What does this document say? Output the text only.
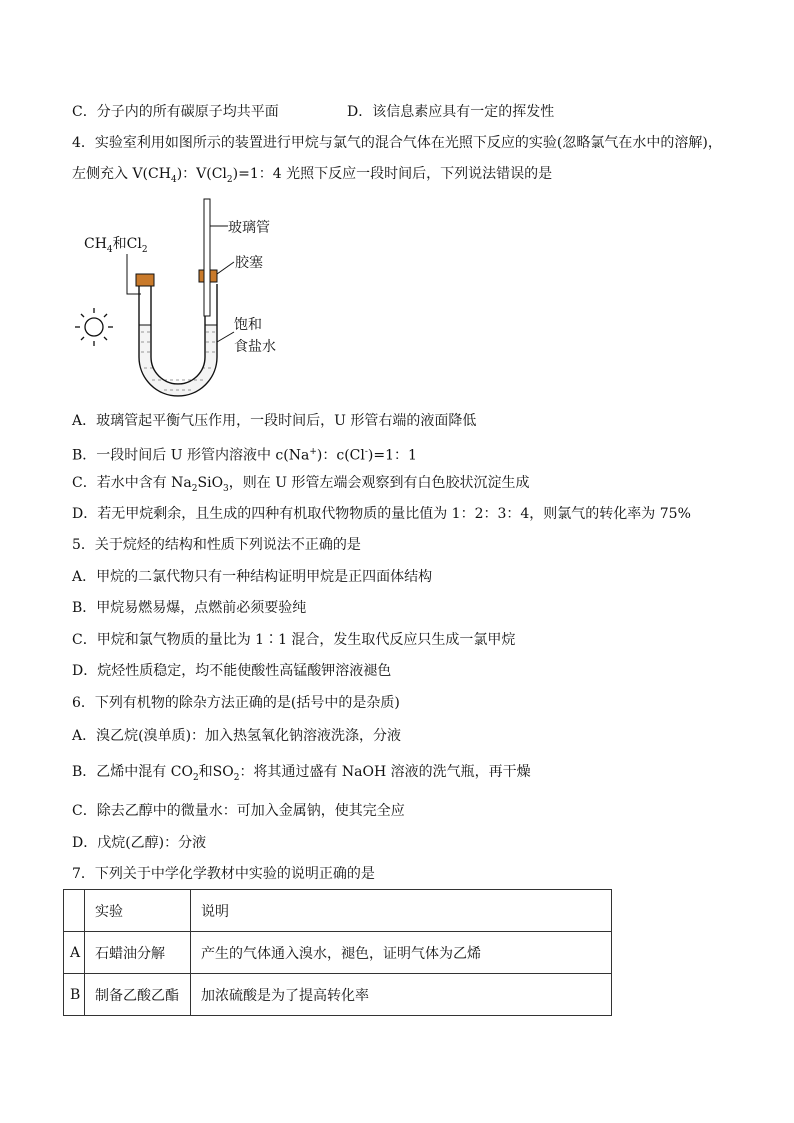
C．分子内的所有碳原子均共平面	D．该信息素应具有一定的挥发性
4．实验室利用如图所示的装置进行甲烷与氯气的混合气体在光照下反应的实验(忽略氯气在水中的溶解)，
左侧充入 $V(CH_4)$：$V(Cl_2)=1$：4 光照下反应一段时间后，下列说法错误的是
$CH_4$和$Cl_2$
玻璃管
胶塞
饱和
食盐水
A．玻璃管起平衡气压作用，一段时间后，U 形管右端的液面降低
B．一段时间后 U 形管内溶液中 c(Na+)：c(Cl-)=1：1
C．若水中含有 $Na_2SiO_3$，则在 U 形管左端会观察到有白色胶状沉淀生成
D．若无甲烷剩余，且生成的四种有机取代物物质的量比值为 1：2：3：4，则氯气的转化率为 75%
5．关于烷烃的结构和性质下列说法不正确的是
A．甲烷的二氯代物只有一种结构证明甲烷是正四面体结构
B．甲烷易燃易爆，点燃前必须要验纯
C．甲烷和氯气物质的量比为 1∶1 混合，发生取代反应只生成一氯甲烷
D．烷烃性质稳定，均不能使酸性高锰酸钾溶液褪色
6．下列有机物的除杂方法正确的是(括号中的是杂质)
A．溴乙烷(溴单质)：加入热氢氧化钠溶液洗涤，分液
B．乙烯中混有 $CO_2$和$SO_2$：将其通过盛有 NaOH 溶液的洗气瓶，再干燥
C．除去乙醇中的微量水：可加入金属钠，使其完全应
D．戊烷(乙醇)：分液
7．下列关于中学化学教材中实验的说明正确的是
	实验	说明
A	石蜡油分解	产生的气体通入溴水，褪色，证明气体为乙烯
B	制备乙酸乙酯	加浓硫酸是为了提高转化率
